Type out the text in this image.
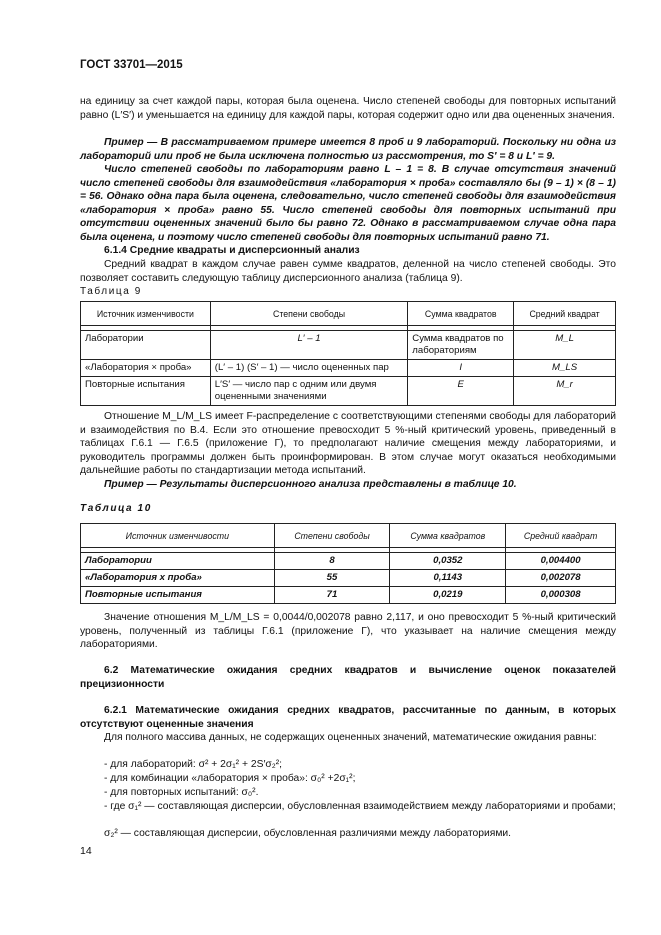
ГОСТ 33701—2015
на единицу за счет каждой пары, которая была оценена. Число степеней свободы для повторных испытаний равно (L′S′) и уменьшается на единицу для каждой пары, которая содержит одно или два оцененных значения.
Пример — В рассматриваемом примере имеется 8 проб и 9 лабораторий. Поскольку ни одна из лабораторий или проб не была исключена полностью из рассмотрения, то S′ = 8 и L′ = 9.
Число степеней свободы по лабораториям равно L – 1 = 8. В случае отсутствия значений число степеней свободы для взаимодействия «лаборатория × проба» составляло бы (9 – 1) × (8 – 1) = 56. Однако одна пара была оценена, следовательно, число степеней свободы для взаимодействия «лаборатория × проба» равно 55. Число степеней свободы для повторных испытаний при отсутствии оцененных значений было бы равно 72. Однако в рассматриваемом случае одна пара была оценена, и поэтому число степеней свободы для повторных испытаний равно 71.
6.1.4 Средние квадраты и дисперсионный анализ
Средний квадрат в каждом случае равен сумме квадратов, деленной на число степеней свободы. Это позволяет составить следующую таблицу дисперсионного анализа (таблица 9).
Таблица 9
Источник изменчивости	Степени свободы	Сумма квадратов	Средний квадрат

Лаборатории	L′ – 1	Сумма квадратов по лабораториям	M_L
«Лаборатория × проба»	(L′ – 1) (S′ – 1) — число оцененных пар	I	M_LS
Повторные испытания	L′S′ — число пар с одним или двумя оцененными значениями	E	M_r
Отношение M_L/M_LS имеет F-распределение с соответствующими степенями свободы для лабораторий и взаимодействия по В.4. Если это отношение превосходит 5 %-ный критический уровень, приведенный в таблицах Г.6.1 — Г.6.5 (приложение Г), то предполагают наличие смещения между лабораториями, и руководитель программы должен быть проинформирован. В этом случае могут оказаться необходимыми дальнейшие работы по стандартизации метода испытаний.
Пример — Результаты дисперсионного анализа представлены в таблице 10.
Таблица 10
Источник изменчивости	Степени свободы	Сумма квадратов	Средний квадрат

Лаборатории	8	0,0352	0,004400
«Лаборатория х проба»	55	0,1143	0,002078
Повторные испытания	71	0,0219	0,000308
Значение отношения M_L/M_LS = 0,0044/0,002078 равно 2,117, и оно превосходит 5 %-ный критический уровень, полученный из таблицы Г.6.1 (приложение Г), что указывает на наличие смещения между лабораториями.
6.2 Математические ожидания средних квадратов и вычисление оценок показателей прецизионности
6.2.1 Математические ожидания средних квадратов, рассчитанные по данным, в которых отсутствуют оцененные значения
Для полного массива данных, не содержащих оцененных значений, математические ожидания равны:
- для лабораторий: σ² + 2σ₁² + 2S′σ₂²;
- для комбинации «лаборатория × проба»: σ₀² +2σ₁²;
- для повторных испытаний: σ₀².
- где σ₁² — составляющая дисперсии, обусловленная взаимодействием между лабораториями и пробами;
σ₂² — составляющая дисперсии, обусловленная различиями между лабораториями.
14
